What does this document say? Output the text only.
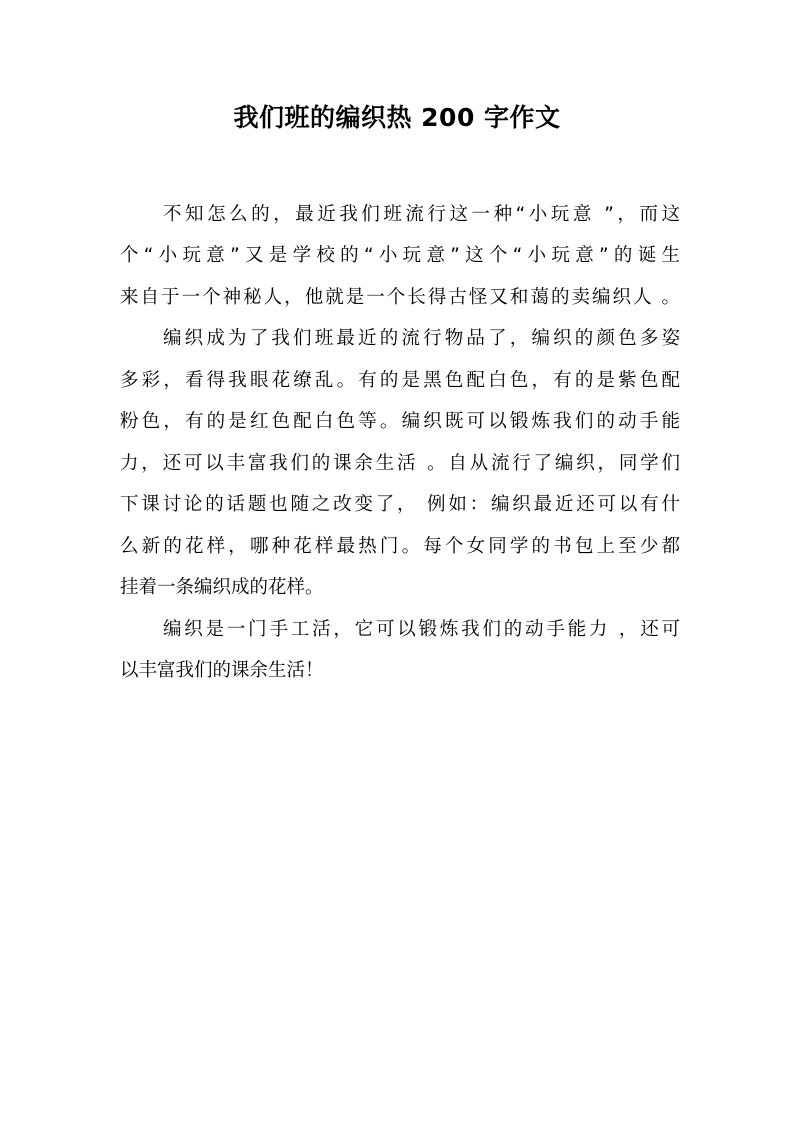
我们班的编织热 200 字作文

不知怎么的，最近我们班流行这一种“小玩意 ”，而这

个“小玩意”又是学校的“小玩意”这个“小玩意”的诞生

来自于一个神秘人，他就是一个长得古怪又和蔼的卖编织人 。

编织成为了我们班最近的流行物品了，编织的颜色多姿

多彩，看得我眼花缭乱。有的是黑色配白色，有的是紫色配

粉色，有的是红色配白色等。编织既可以锻炼我们的动手能

力，还可以丰富我们的课余生活 。自从流行了编织，同学们

下课讨论的话题也随之改变了， 例如：编织最近还可以有什

么新的花样，哪种花样最热门。每个女同学的书包上至少都

挂着一条编织成的花样。

编织是一门手工活，它可以锻炼我们的动手能力 ，还可

以丰富我们的课余生活！
